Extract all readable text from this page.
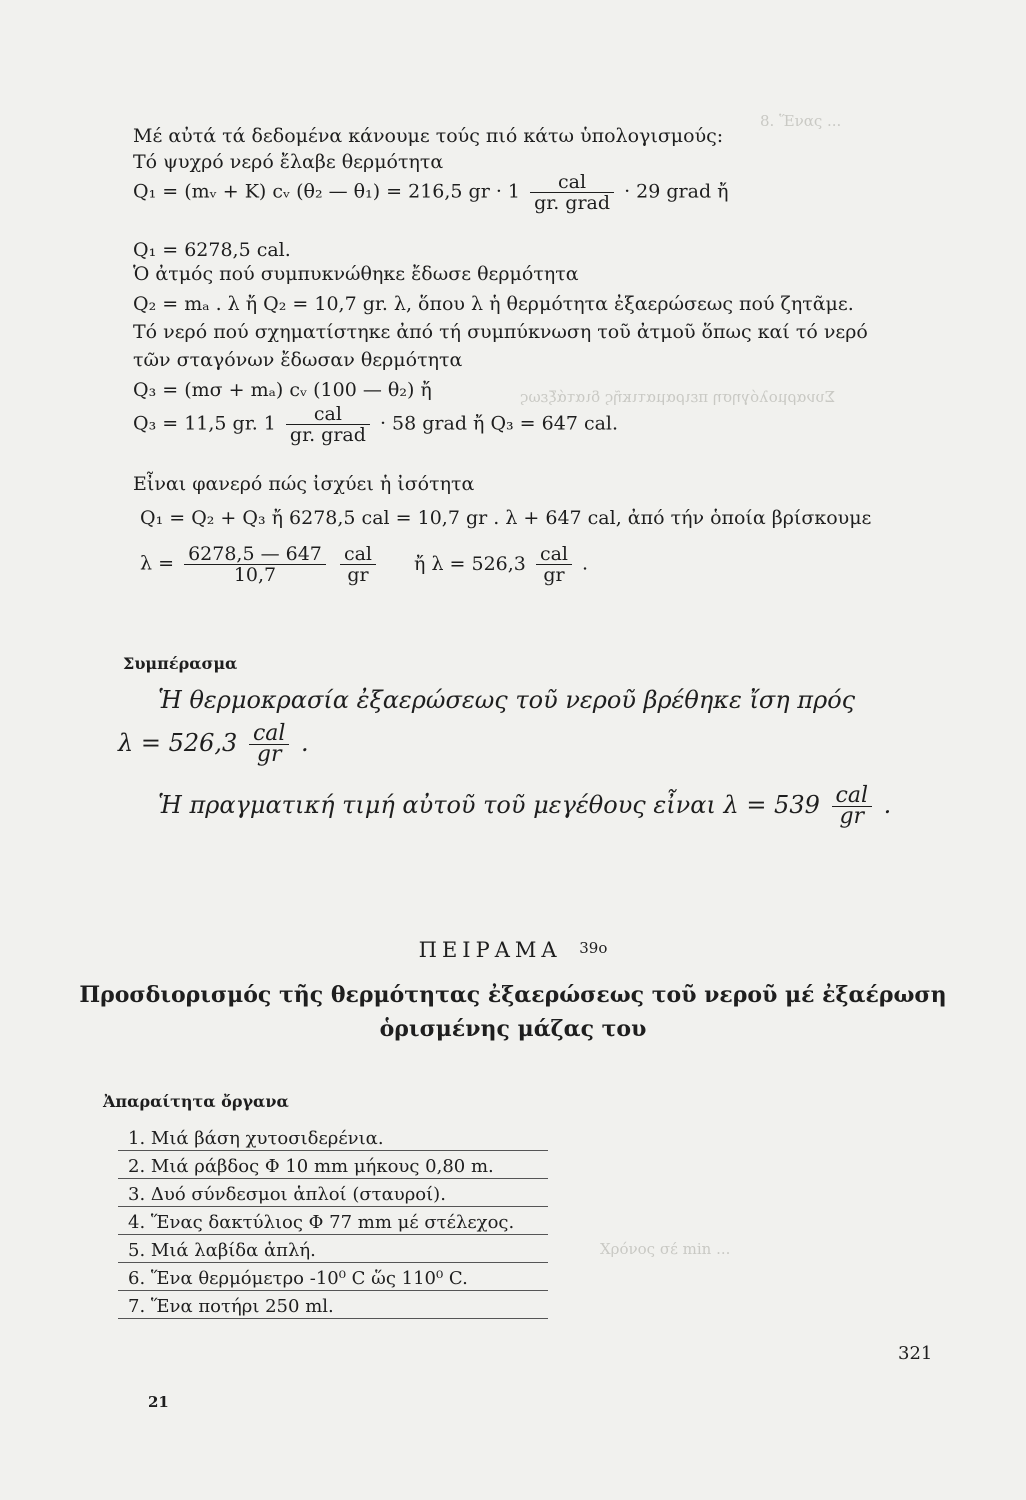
8. Ἕνας ...
Συναρμολόγηση πειραματικῆς διατάξεως
Χρόνος σέ min ...
Μέ αὐτά τά δεδομένα κάνουμε τούς πιό κάτω ὑπολογισμούς:
Τό ψυχρό νερό ἔλαβε θερμότητα
Q₁ = (mᵥ + K) cᵥ (θ₂ — θ₁) = 216,5 gr · $1 \frac{\text{cal}}{\text{gr. grad}} \cdot 29$ grad ἤ
Q₁ = 6278,5 cal.
Ὁ ἀτμός πού συμπυκνώθηκε ἔδωσε θερμότητα
Q₂ = mₐ . λ ἤ Q₂ = 10,7 gr. λ, ὅπου λ ἡ θερμότητα ἐξαερώσεως πού ζητᾶμε.
Τό νερό πού σχηματίστηκε ἀπό τή συμπύκνωση τοῦ ἀτμοῦ ὅπως καί τό νερό
τῶν σταγόνων ἔδωσαν θερμότητα
Q₃ = (mσ + mₐ) cᵥ (100 — θ₂) ἤ
Q₃ = 11,5 gr. $1 \frac{\text{cal}}{\text{gr. grad}} \cdot 58$ grad ἤ Q₃ = 647 cal.
Εἶναι φανερό πώς ἰσχύει ἡ ἰσότητα
Q₁ = Q₂ + Q₃ ἤ 6278,5 cal = 10,7 gr . λ + 647 cal, ἀπό τήν ὁποία βρίσκουμε
$\lambda = \frac{6278,5 — 647}{10,7}$
$\frac{\text{cal}}{gr}$ ἤ $\lambda = 526,3 \frac{\text{cal}}{gr}$ .
Συμπέρασμα
Ἡ θερμοκρασία ἐξαερώσεως τοῦ νεροῦ βρέθηκε ἴση πρός
$\lambda = 526,3 \frac{\text{cal}}{gr}$ .
Ἡ πραγματική τιμή αὐτοῦ τοῦ μεγέθους εἶναι $\lambda = 539 \frac{\text{cal}}{gr}$ .
ΠΕΙΡΑΜΑ 39ο
Προσδιορισμός τῆς θερμότητας ἐξαερώσεως τοῦ νεροῦ μέ ἐξαέρωση
ὁρισμένης μάζας του
Ἀπαραίτητα ὄργανα
1. Μιά βάση χυτοσιδερένια.
2. Μιά ράβδος Φ 10 mm μήκους 0,80 m.
3. Δυό σύνδεσμοι ἁπλοί (σταυροί).
4. Ἕνας δακτύλιος Φ 77 mm μέ στέλεχος.
5. Μιά λαβίδα ἁπλή.
6. Ἕνα θερμόμετρο -10⁰ C ὥς 110⁰ C.
7. Ἕνα ποτήρι 250 ml.
321
21
